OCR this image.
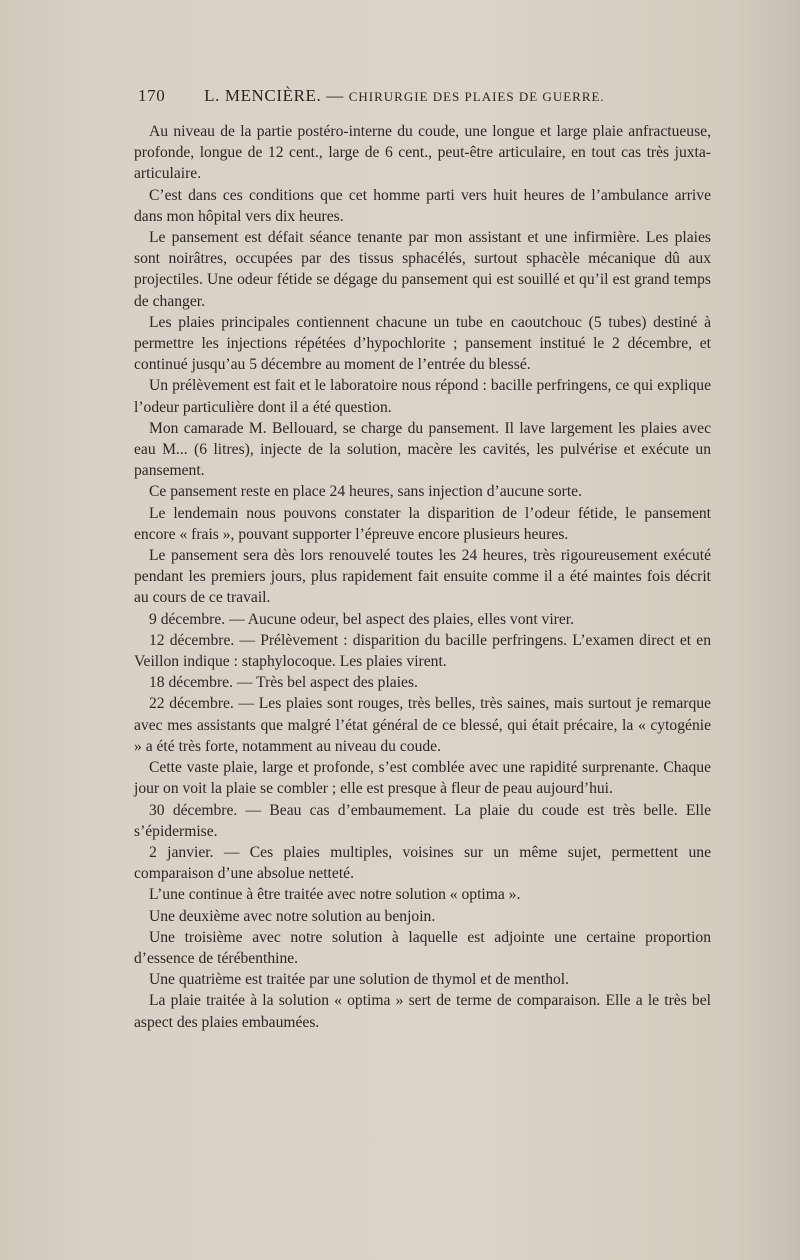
170 L. MENCIÈRE. — CHIRURGIE DES PLAIES DE GUERRE.

Au niveau de la partie postéro-interne du coude, une longue et large plaie anfractueuse, profonde, longue de 12 cent., large de 6 cent., peut-être articulaire, en tout cas très juxta-articulaire.

C’est dans ces conditions que cet homme parti vers huit heures de l’ambulance arrive dans mon hôpital vers dix heures.

Le pansement est défait séance tenante par mon assistant et une infirmière. Les plaies sont noirâtres, occupées par des tissus sphacélés, surtout sphacèle mécanique dû aux projectiles. Une odeur fétide se dégage du pansement qui est souillé et qu’il est grand temps de changer.

Les plaies principales contiennent chacune un tube en caoutchouc (5 tubes) destiné à permettre les injections répétées d’hypochlorite ; pansement institué le 2 décembre, et continué jusqu’au 5 décembre au moment de l’entrée du blessé.

Un prélèvement est fait et le laboratoire nous répond : bacille perfringens, ce qui explique l’odeur particulière dont il a été question.

Mon camarade M. Bellouard, se charge du pansement. Il lave largement les plaies avec eau M... (6 litres), injecte de la solution, macère les cavités, les pulvérise et exécute un pansement.

Ce pansement reste en place 24 heures, sans injection d’aucune sorte.

Le lendemain nous pouvons constater la disparition de l’odeur fétide, le pansement encore « frais », pouvant supporter l’épreuve encore plusieurs heures.

Le pansement sera dès lors renouvelé toutes les 24 heures, très rigoureusement exécuté pendant les premiers jours, plus rapidement fait ensuite comme il a été maintes fois décrit au cours de ce travail.

9 décembre. — Aucune odeur, bel aspect des plaies, elles vont virer.

12 décembre. — Prélèvement : disparition du bacille perfringens. L’examen direct et en Veillon indique : staphylocoque. Les plaies virent.

18 décembre. — Très bel aspect des plaies.

22 décembre. — Les plaies sont rouges, très belles, très saines, mais surtout je remarque avec mes assistants que malgré l’état général de ce blessé, qui était précaire, la « cytogénie » a été très forte, notamment au niveau du coude.

Cette vaste plaie, large et profonde, s’est comblée avec une rapidité surprenante. Chaque jour on voit la plaie se combler ; elle est presque à fleur de peau aujourd’hui.

30 décembre. — Beau cas d’embaumement. La plaie du coude est très belle. Elle s’épidermise.

2 janvier. — Ces plaies multiples, voisines sur un même sujet, permettent une comparaison d’une absolue netteté.

L’une continue à être traitée avec notre solution « optima ».

Une deuxième avec notre solution au benjoin.

Une troisième avec notre solution à laquelle est adjointe une certaine proportion d’essence de térébenthine.

Une quatrième est traitée par une solution de thymol et de menthol.

La plaie traitée à la solution « optima » sert de terme de comparaison. Elle a le très bel aspect des plaies embaumées.
